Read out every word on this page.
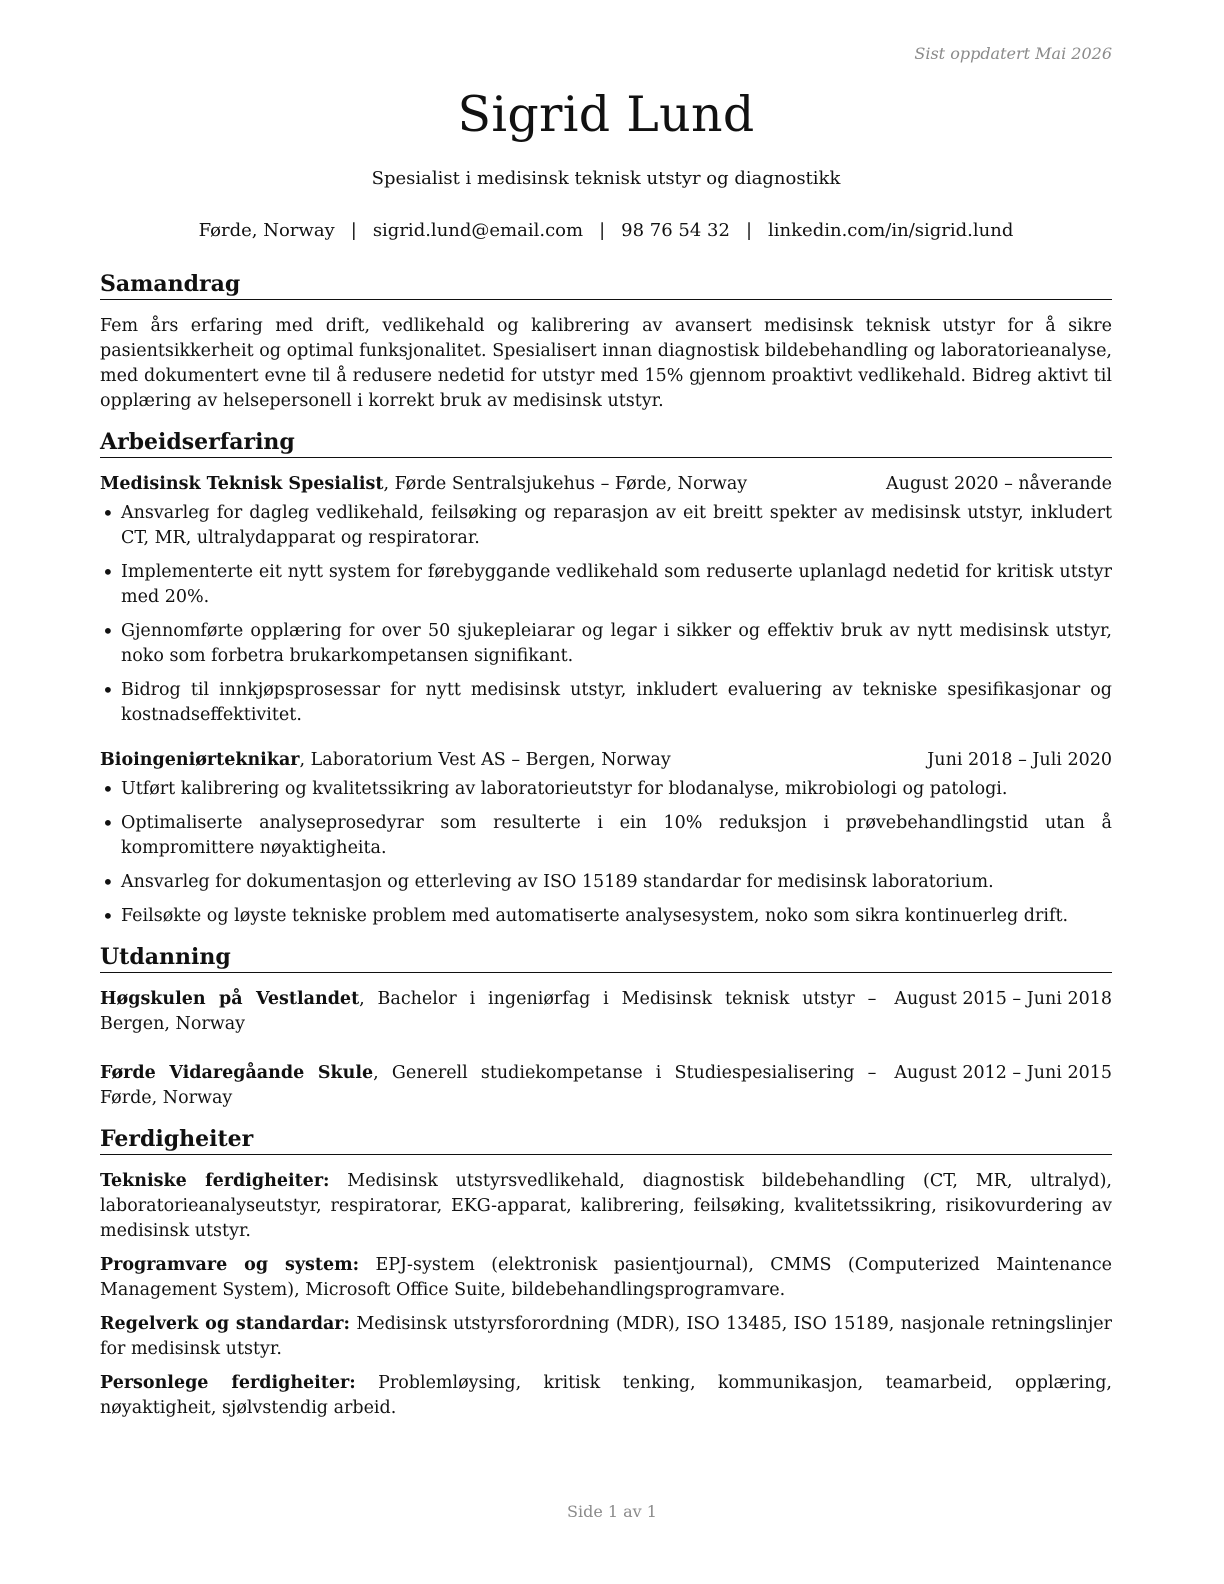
Sist oppdatert Mai 2026
Sigrid Lund
Spesialist i medisinsk teknisk utstyr og diagnostikk
Førde, Norway | sigrid.lund@email.com | 98 76 54 32 | linkedin.com/in/sigrid.lund
Samandrag

Fem års erfaring med drift, vedlikehald og kalibrering av avansert medisinsk teknisk utstyr for å sikre pasientsikkerheit og optimal funksjonalitet. Spesialisert innan diagnostisk bildebehandling og laboratorieanalyse, med dokumentert evne til å redusere nedetid for utstyr med 15% gjennom proaktivt vedlikehald. Bidreg aktivt til opplæring av helsepersonell i korrekt bruk av medisinsk utstyr.

Arbeidserfaring
Medisinsk Teknisk Spesialist, Førde Sentralsjukehus – Førde, Norway	August 2020 – nåverande
• Ansvarleg for dagleg vedlikehald, feilsøking og reparasjon av eit breitt spekter av medisinsk utstyr, inkludert CT, MR, ultralydapparat og respiratorar.
• Implementerte eit nytt system for førebyggande vedlikehald som reduserte uplanlagd nedetid for kritisk utstyr med 20%.
• Gjennomførte opplæring for over 50 sjukepleiarar og legar i sikker og effektiv bruk av nytt medisinsk utstyr, noko som forbetra brukarkompetansen signifikant.
• Bidrog til innkjøpsprosessar for nytt medisinsk utstyr, inkludert evaluering av tekniske spesifikasjonar og kostnadseffektivitet.
Bioingeniørteknikar, Laboratorium Vest AS – Bergen, Norway	Juni 2018 – Juli 2020
• Utført kalibrering og kvalitetssikring av laboratorieutstyr for blodanalyse, mikrobiologi og patologi.
• Optimaliserte analyseprosedyrar som resulterte i ein 10% reduksjon i prøvebehandlingstid utan å kompromittere nøyaktigheita.
• Ansvarleg for dokumentasjon og etterleving av ISO 15189 standardar for medisinsk laboratorium.
• Feilsøkte og løyste tekniske problem med automatiserte analysesystem, noko som sikra kontinuerleg drift.
Utdanning
Høgskulen på Vestlandet, Bachelor i ingeniørfag i Medisinsk teknisk utstyr – Bergen, Norway
August 2015 – Juni 2018
Førde Vidaregåande Skule, Generell studiekompetanse i Studiespesialisering – Førde, Norway
August 2012 – Juni 2015
Ferdigheiter

Tekniske ferdigheiter: Medisinsk utstyrsvedlikehald, diagnostisk bildebehandling (CT, MR, ultralyd), laboratorieanalyseutstyr, respiratorar, EKG-apparat, kalibrering, feilsøking, kvalitetssikring, risikovurdering av medisinsk utstyr.

Programvare og system: EPJ-system (elektronisk pasientjournal), CMMS (Computerized Maintenance Management System), Microsoft Office Suite, bildebehandlingsprogramvare.

Regelverk og standardar: Medisinsk utstyrsforordning (MDR), ISO 13485, ISO 15189, nasjonale retningslinjer for medisinsk utstyr.

Personlege ferdigheiter: Problemløysing, kritisk tenking, kommunikasjon, teamarbeid, opplæring, nøyaktigheit, sjølvstendig arbeid.

Side 1 av 1
